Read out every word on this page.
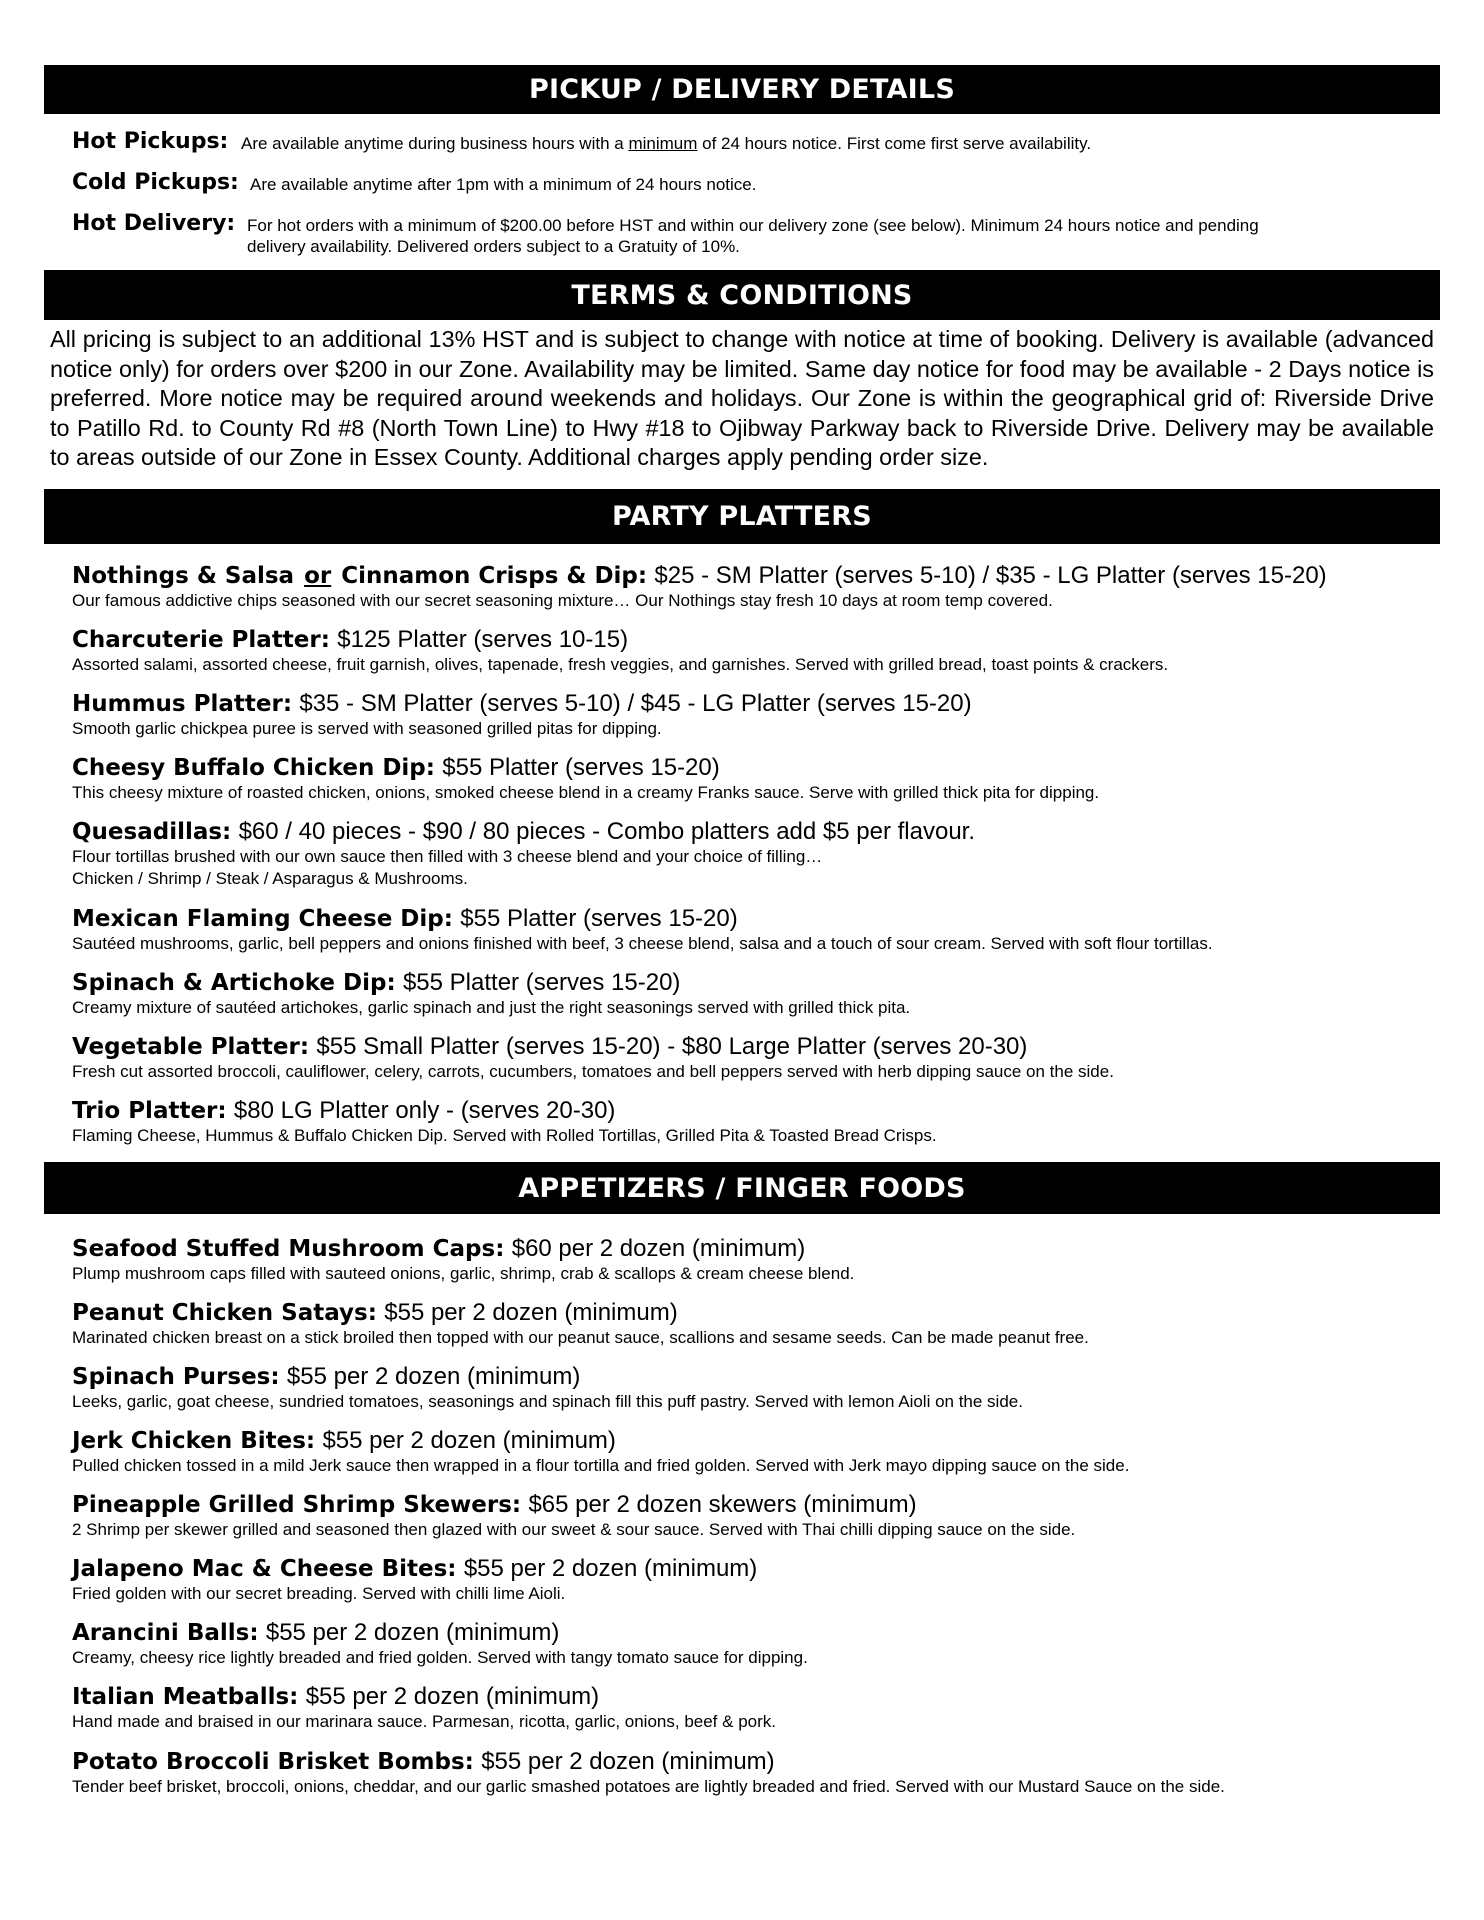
PICKUP / DELIVERY DETAILS
Hot Pickups: Are available anytime during business hours with a minimum of 24 hours notice. First come first serve availability.
Cold Pickups: Are available anytime after 1pm with a minimum of 24 hours notice.
Hot Delivery: For hot orders with a minimum of $200.00 before HST and within our delivery zone (see below). Minimum 24 hours notice and pending
delivery availability. Delivered orders subject to a Gratuity of 10%.
TERMS & CONDITIONS
All pricing is subject to an additional 13% HST and is subject to change with notice at time of booking. Delivery is available (advanced notice only) for orders over $200 in our Zone. Availability may be limited. Same day notice for food may be available - 2 Days notice is preferred. More notice may be required around weekends and holidays. Our Zone is within the geographical grid of: Riverside Drive to Patillo Rd. to County Rd #8 (North Town Line) to Hwy #18 to Ojibway Parkway back to Riverside Drive. Delivery may be available to areas outside of our Zone in Essex County. Additional charges apply pending order size.
PARTY PLATTERS
Nothings & Salsa or Cinnamon Crisps & Dip: $25 - SM Platter (serves 5-10) / $35 - LG Platter (serves 15-20)
Our famous addictive chips seasoned with our secret seasoning mixture… Our Nothings stay fresh 10 days at room temp covered.
Charcuterie Platter: $125 Platter (serves 10-15)
Assorted salami, assorted cheese, fruit garnish, olives, tapenade, fresh veggies, and garnishes. Served with grilled bread, toast points & crackers.
Hummus Platter: $35 - SM Platter (serves 5-10) / $45 - LG Platter (serves 15-20)
Smooth garlic chickpea puree is served with seasoned grilled pitas for dipping.
Cheesy Buffalo Chicken Dip: $55 Platter (serves 15-20)
This cheesy mixture of roasted chicken, onions, smoked cheese blend in a creamy Franks sauce. Serve with grilled thick pita for dipping.
Quesadillas: $60 / 40 pieces - $90 / 80 pieces - Combo platters add $5 per flavour.
Flour tortillas brushed with our own sauce then filled with 3 cheese blend and your choice of filling…
Chicken / Shrimp / Steak / Asparagus & Mushrooms.
Mexican Flaming Cheese Dip: $55 Platter (serves 15-20)
Sautéed mushrooms, garlic, bell peppers and onions finished with beef, 3 cheese blend, salsa and a touch of sour cream. Served with soft flour tortillas.
Spinach & Artichoke Dip: $55 Platter (serves 15-20)
Creamy mixture of sautéed artichokes, garlic spinach and just the right seasonings served with grilled thick pita.
Vegetable Platter: $55 Small Platter (serves 15-20) - $80 Large Platter (serves 20-30)
Fresh cut assorted broccoli, cauliflower, celery, carrots, cucumbers, tomatoes and bell peppers served with herb dipping sauce on the side.
Trio Platter: $80 LG Platter only - (serves 20-30)
Flaming Cheese, Hummus & Buffalo Chicken Dip. Served with Rolled Tortillas, Grilled Pita & Toasted Bread Crisps.
APPETIZERS / FINGER FOODS
Seafood Stuffed Mushroom Caps: $60 per 2 dozen (minimum)
Plump mushroom caps filled with sauteed onions, garlic, shrimp, crab & scallops & cream cheese blend.
Peanut Chicken Satays: $55 per 2 dozen (minimum)
Marinated chicken breast on a stick broiled then topped with our peanut sauce, scallions and sesame seeds. Can be made peanut free.
Spinach Purses: $55 per 2 dozen (minimum)
Leeks, garlic, goat cheese, sundried tomatoes, seasonings and spinach fill this puff pastry. Served with lemon Aioli on the side.
Jerk Chicken Bites: $55 per 2 dozen (minimum)
Pulled chicken tossed in a mild Jerk sauce then wrapped in a flour tortilla and fried golden. Served with Jerk mayo dipping sauce on the side.
Pineapple Grilled Shrimp Skewers: $65 per 2 dozen skewers (minimum)
2 Shrimp per skewer grilled and seasoned then glazed with our sweet & sour sauce. Served with Thai chilli dipping sauce on the side.
Jalapeno Mac & Cheese Bites: $55 per 2 dozen (minimum)
Fried golden with our secret breading. Served with chilli lime Aioli.
Arancini Balls: $55 per 2 dozen (minimum)
Creamy, cheesy rice lightly breaded and fried golden. Served with tangy tomato sauce for dipping.
Italian Meatballs: $55 per 2 dozen (minimum)
Hand made and braised in our marinara sauce. Parmesan, ricotta, garlic, onions, beef & pork.
Potato Broccoli Brisket Bombs: $55 per 2 dozen (minimum)
Tender beef brisket, broccoli, onions, cheddar, and our garlic smashed potatoes are lightly breaded and fried. Served with our Mustard Sauce on the side.
